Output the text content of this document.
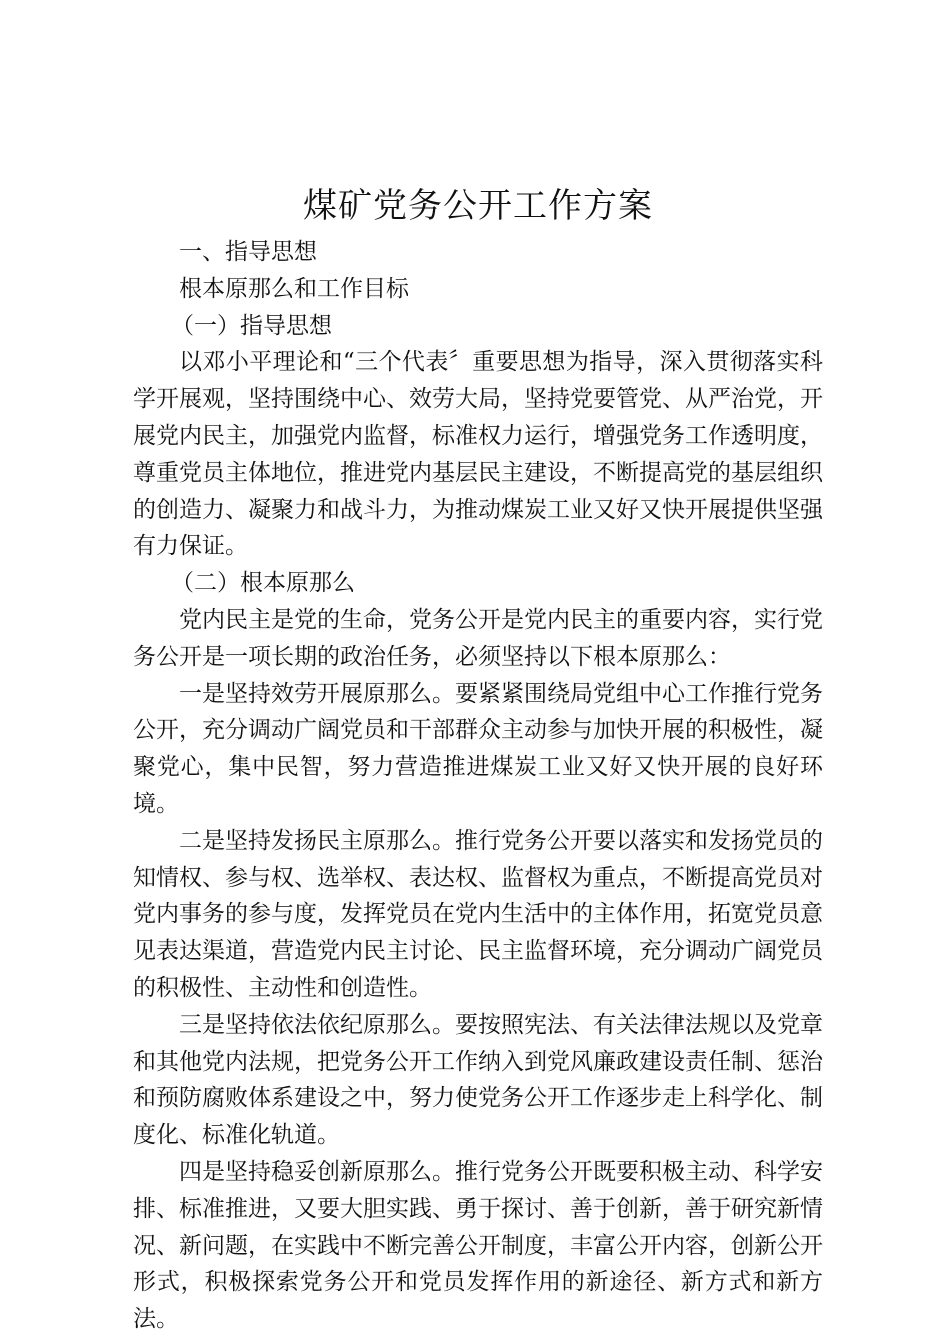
煤矿党务公开工作方案

一、指导思想

根本原那么和工作目标

（一）指导思想

以邓小平理论和“三个代表〞重要思想为指导，深入贯彻落实科学开展观，坚持围绕中心、效劳大局，坚持党要管党、从严治党，开展党内民主，加强党内监督，标准权力运行，增强党务工作透明度，尊重党员主体地位，推进党内基层民主建设，不断提高党的基层组织的创造力、凝聚力和战斗力，为推动煤炭工业又好又快开展提供坚强有力保证。

（二）根本原那么

党内民主是党的生命，党务公开是党内民主的重要内容，实行党务公开是一项长期的政治任务，必须坚持以下根本原那么：

一是坚持效劳开展原那么。要紧紧围绕局党组中心工作推行党务公开，充分调动广阔党员和干部群众主动参与加快开展的积极性，凝聚党心，集中民智，努力营造推进煤炭工业又好又快开展的良好环境。

二是坚持发扬民主原那么。推行党务公开要以落实和发扬党员的知情权、参与权、选举权、表达权、监督权为重点，不断提高党员对党内事务的参与度，发挥党员在党内生活中的主体作用，拓宽党员意见表达渠道，营造党内民主讨论、民主监督环境，充分调动广阔党员的积极性、主动性和创造性。

三是坚持依法依纪原那么。要按照宪法、有关法律法规以及党章和其他党内法规，把党务公开工作纳入到党风廉政建设责任制、惩治和预防腐败体系建设之中，努力使党务公开工作逐步走上科学化、制度化、标准化轨道。

四是坚持稳妥创新原那么。推行党务公开既要积极主动、科学安排、标准推进，又要大胆实践、勇于探讨、善于创新，善于研究新情况、新问题，在实践中不断完善公开制度，丰富公开内容，创新公开形式，积极探索党务公开和党员发挥作用的新途径、新方式和新方法。
